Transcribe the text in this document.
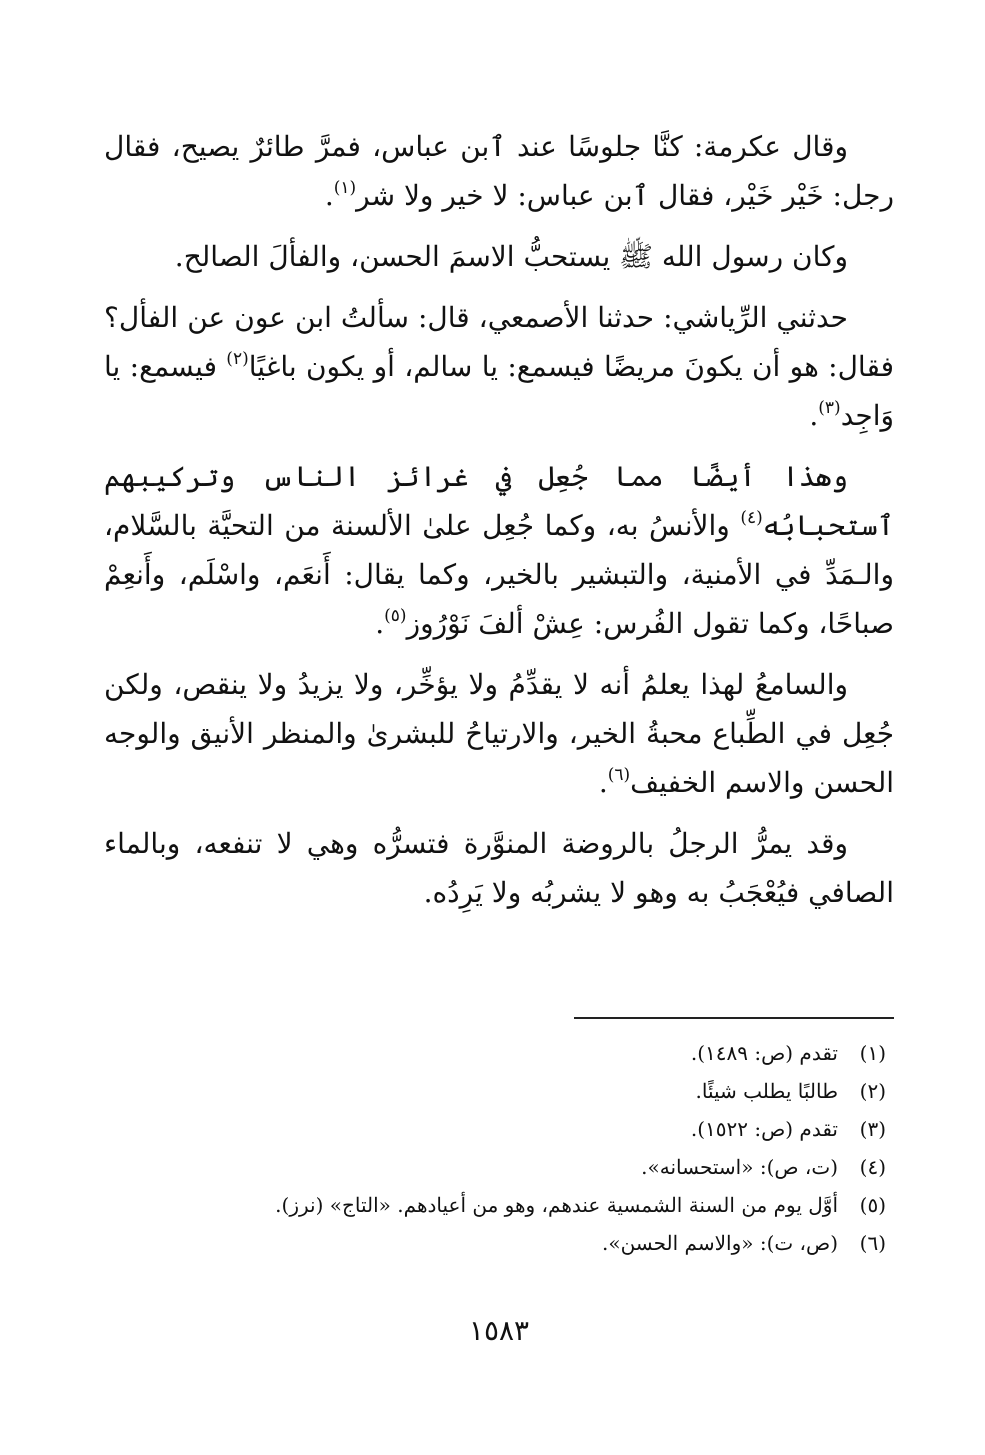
وقال عكرمة: كنَّا جلوسًا عند ٱبن عباس، فمرَّ طائرٌ يصيح، فقال رجل: خَيْر خَيْر، فقال ٱبن عباس: لا خير ولا شر$^{(١)}$.

وكان رسول الله ﷺ يستحبُّ الاسمَ الحسن، والفألَ الصالح.

حدثني الرِّياشي: حدثنا الأصمعي، قال: سألتُ ابن عون عن الفأل؟ فقال: هو أن يكونَ مريضًا فيسمع: يا سالم، أو يكون باغيًا$^{(٢)}$ فيسمع: يا وَاجِد$^{(٣)}$.

وهذا أيضًا مما جُعِل في غرائز الناس وتركيبهم ٱستحبابُه$^{(٤)}$ والأنسُ به، وكما جُعِل علىٰ الألسنة من التحيَّة بالسَّلام، والـمَدِّ في الأمنية، والتبشير بالخير، وكما يقال: أَنعَم، واسْلَم، وأَنعِمْ صباحًا، وكما تقول الفُرس: عِشْ ألفَ نَوْرُوز$^{(٥)}$.

والسامعُ لهذا يعلمُ أنه لا يقدِّمُ ولا يؤخِّر، ولا يزيدُ ولا ينقص، ولكن جُعِل في الطِّباع محبةُ الخير، والارتياحُ للبشرىٰ والمنظر الأنيق والوجه الحسن والاسم الخفيف$^{(٦)}$.

وقد يمرُّ الرجلُ بالروضة المنوَّرة فتسرُّه وهي لا تنفعه، وبالماء الصافي فيُعْجَبُ به وهو لا يشربُه ولا يَرِدُه.

(١)
تقدم (ص: ١٤٨٩).
(٢)
طالبًا يطلب شيئًا.
(٣)
تقدم (ص: ١٥٢٢).
(٤)
(ت، ص): «استحسانه».
(٥)
أوَّل يوم من السنة الشمسية عندهم، وهو من أعيادهم. «التاج» (نرز).
(٦)
(ص، ت): «والاسم الحسن».
١٥٨٣
